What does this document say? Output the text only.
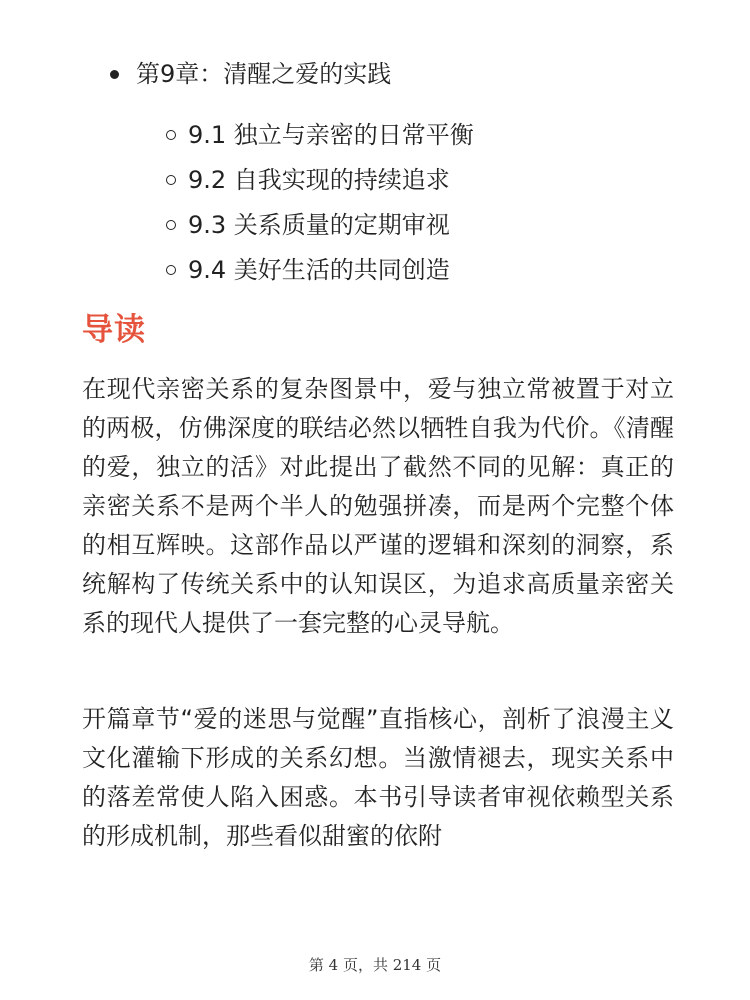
第9章：清醒之爱的实践
9.1 独立与亲密的日常平衡
9.2 自我实现的持续追求
9.3 关系质量的定期审视
9.4 美好生活的共同创造
导读

在现代亲密关系的复杂图景中，爱与独立常被置于对立的两极，仿佛深度的联结必然以牺牲自我为代价。《清醒的爱，独立的活》对此提出了截然不同的见解：真正的亲密关系不是两个半人的勉强拼凑，而是两个完整个体的相互辉映。这部作品以严谨的逻辑和深刻的洞察，系统解构了传统关系中的认知误区，为追求高质量亲密关系的现代人提供了一套完整的心灵导航。

开篇章节“爱的迷思与觉醒”直指核心，剖析了浪漫主义文化灌输下形成的关系幻想。当激情褪去，现实关系中的落差常使人陷入困惑。本书引导读者审视依赖型关系的形成机制，那些看似甜蜜的依附

第 4 页，共 214 页
